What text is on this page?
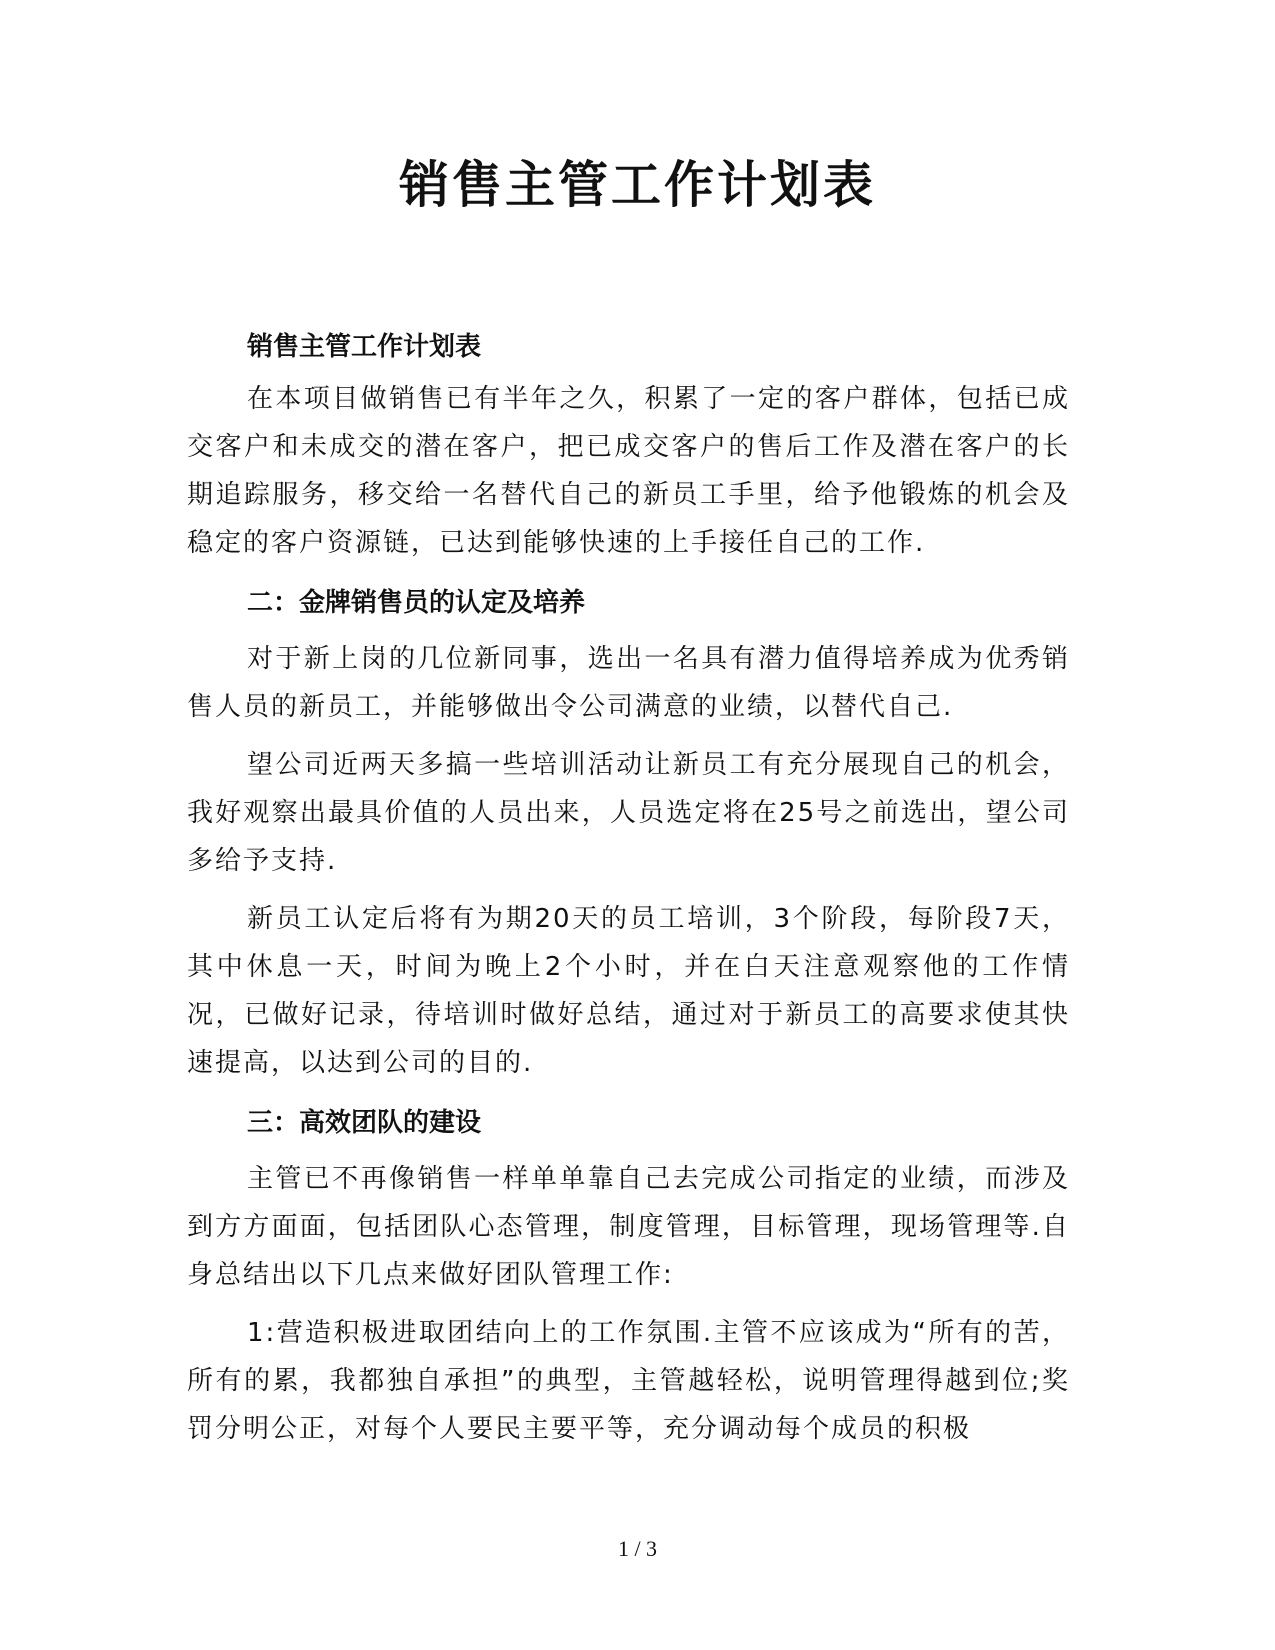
销售主管工作计划表
销售主管工作计划表

在本项目做销售已有半年之久，积累了一定的客户群体，包括已成交客户和未成交的潜在客户，把已成交客户的售后工作及潜在客户的长期追踪服务，移交给一名替代自己的新员工手里，给予他锻炼的机会及稳定的客户资源链，已达到能够快速的上手接任自己的工作.

二：金牌销售员的认定及培养

对于新上岗的几位新同事，选出一名具有潜力值得培养成为优秀销售人员的新员工，并能够做出令公司满意的业绩，以替代自己.

望公司近两天多搞一些培训活动让新员工有充分展现自己的机会，我好观察出最具价值的人员出来，人员选定将在25号之前选出，望公司多给予支持.

新员工认定后将有为期20天的员工培训，3个阶段，每阶段7天，其中休息一天，时间为晚上2个小时，并在白天注意观察他的工作情况，已做好记录，待培训时做好总结，通过对于新员工的高要求使其快速提高，以达到公司的目的.

三：高效团队的建设

主管已不再像销售一样单单靠自己去完成公司指定的业绩，而涉及到方方面面，包括团队心态管理，制度管理，目标管理，现场管理等.自身总结出以下几点来做好团队管理工作:

1:营造积极进取团结向上的工作氛围.主管不应该成为“所有的苦，所有的累，我都独自承担”的典型，主管越轻松，说明管理得越到位;奖罚分明公正，对每个人要民主要平等，充分调动每个成员的积极

1 / 3
